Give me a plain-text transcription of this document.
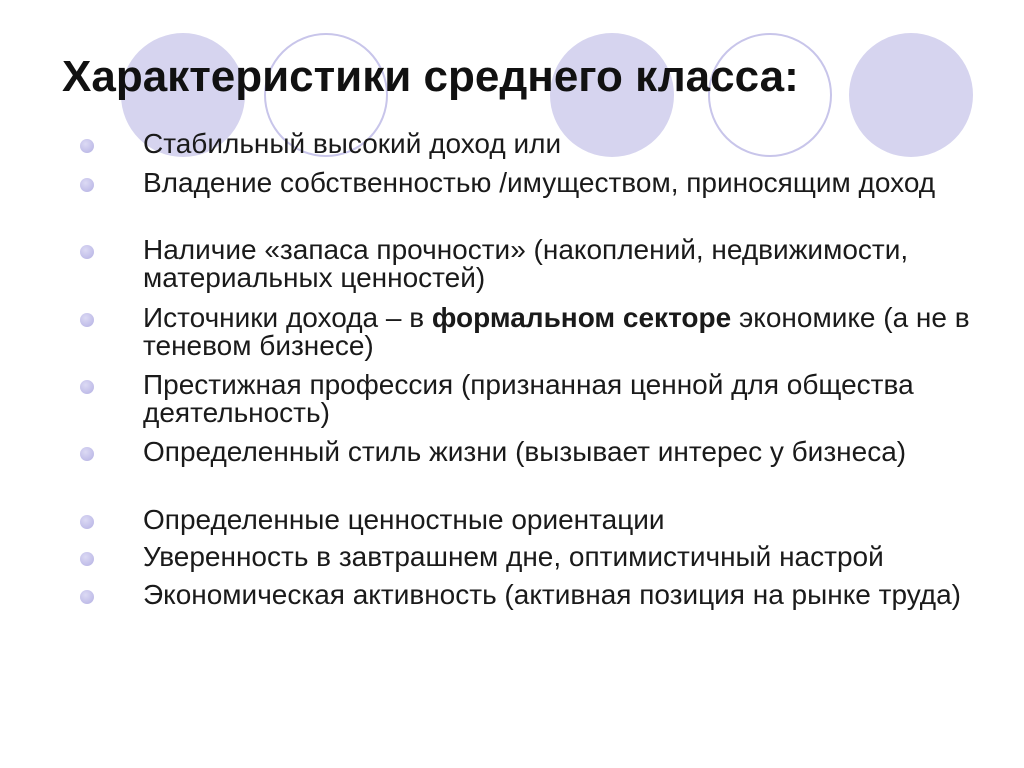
Характеристики среднего класса:
Стабильный высокий доход или
Владение собственностью /имуществом, приносящим доход
Наличие «запаса прочности» (накоплений, недвижимости, материальных ценностей)
Источники дохода – в формальном секторе экономике (а не в теневом бизнесе)
Престижная профессия (признанная ценной для общества деятельность)
Определенный стиль жизни (вызывает интерес у бизнеса)
Определенные ценностные ориентации
Уверенность в завтрашнем дне, оптимистичный настрой
Экономическая активность (активная позиция на рынке труда)
